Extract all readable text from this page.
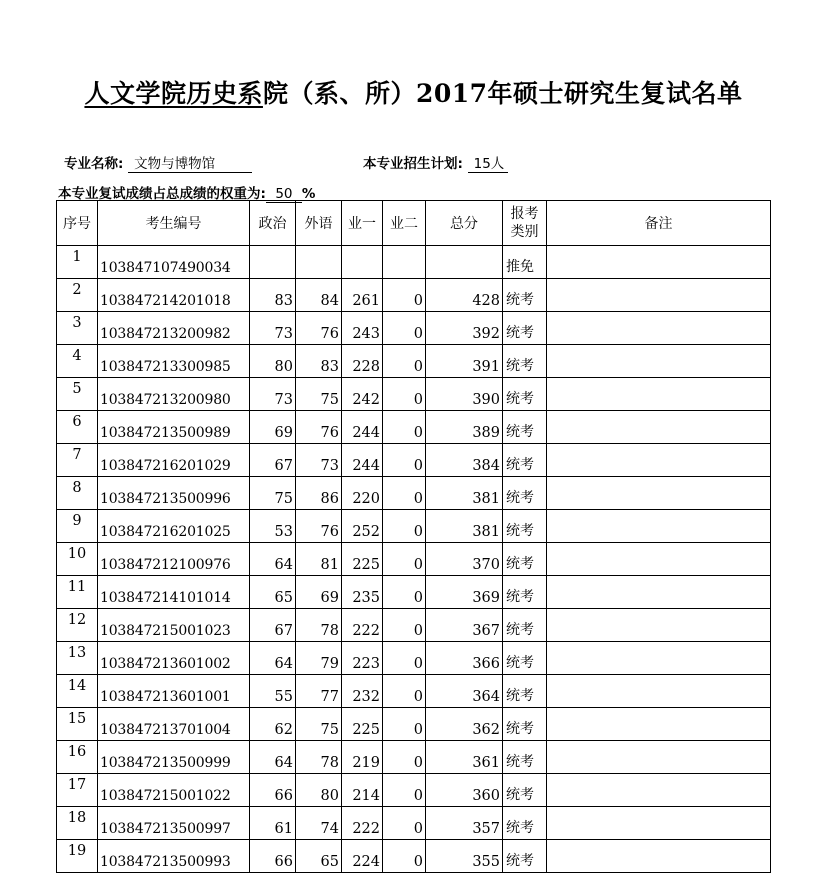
人文学院历史系院（系、所）2017年硕士研究生复试名单
专业名称: 文物与博物馆	本专业招生计划: 15人
本专业复试成绩占总成绩的权重为: 50 %
序号	考生编号	政治	外语	业一	业二	总分	报考
类别	备注
1	103847107490034						推免	
2	103847214201018	83	84	261	0	428	统考	
3	103847213200982	73	76	243	0	392	统考	
4	103847213300985	80	83	228	0	391	统考	
5	103847213200980	73	75	242	0	390	统考	
6	103847213500989	69	76	244	0	389	统考	
7	103847216201029	67	73	244	0	384	统考	
8	103847213500996	75	86	220	0	381	统考	
9	103847216201025	53	76	252	0	381	统考	
10	103847212100976	64	81	225	0	370	统考	
11	103847214101014	65	69	235	0	369	统考	
12	103847215001023	67	78	222	0	367	统考	
13	103847213601002	64	79	223	0	366	统考	
14	103847213601001	55	77	232	0	364	统考	
15	103847213701004	62	75	225	0	362	统考	
16	103847213500999	64	78	219	0	361	统考	
17	103847215001022	66	80	214	0	360	统考	
18	103847213500997	61	74	222	0	357	统考	
19	103847213500993	66	65	224	0	355	统考	
